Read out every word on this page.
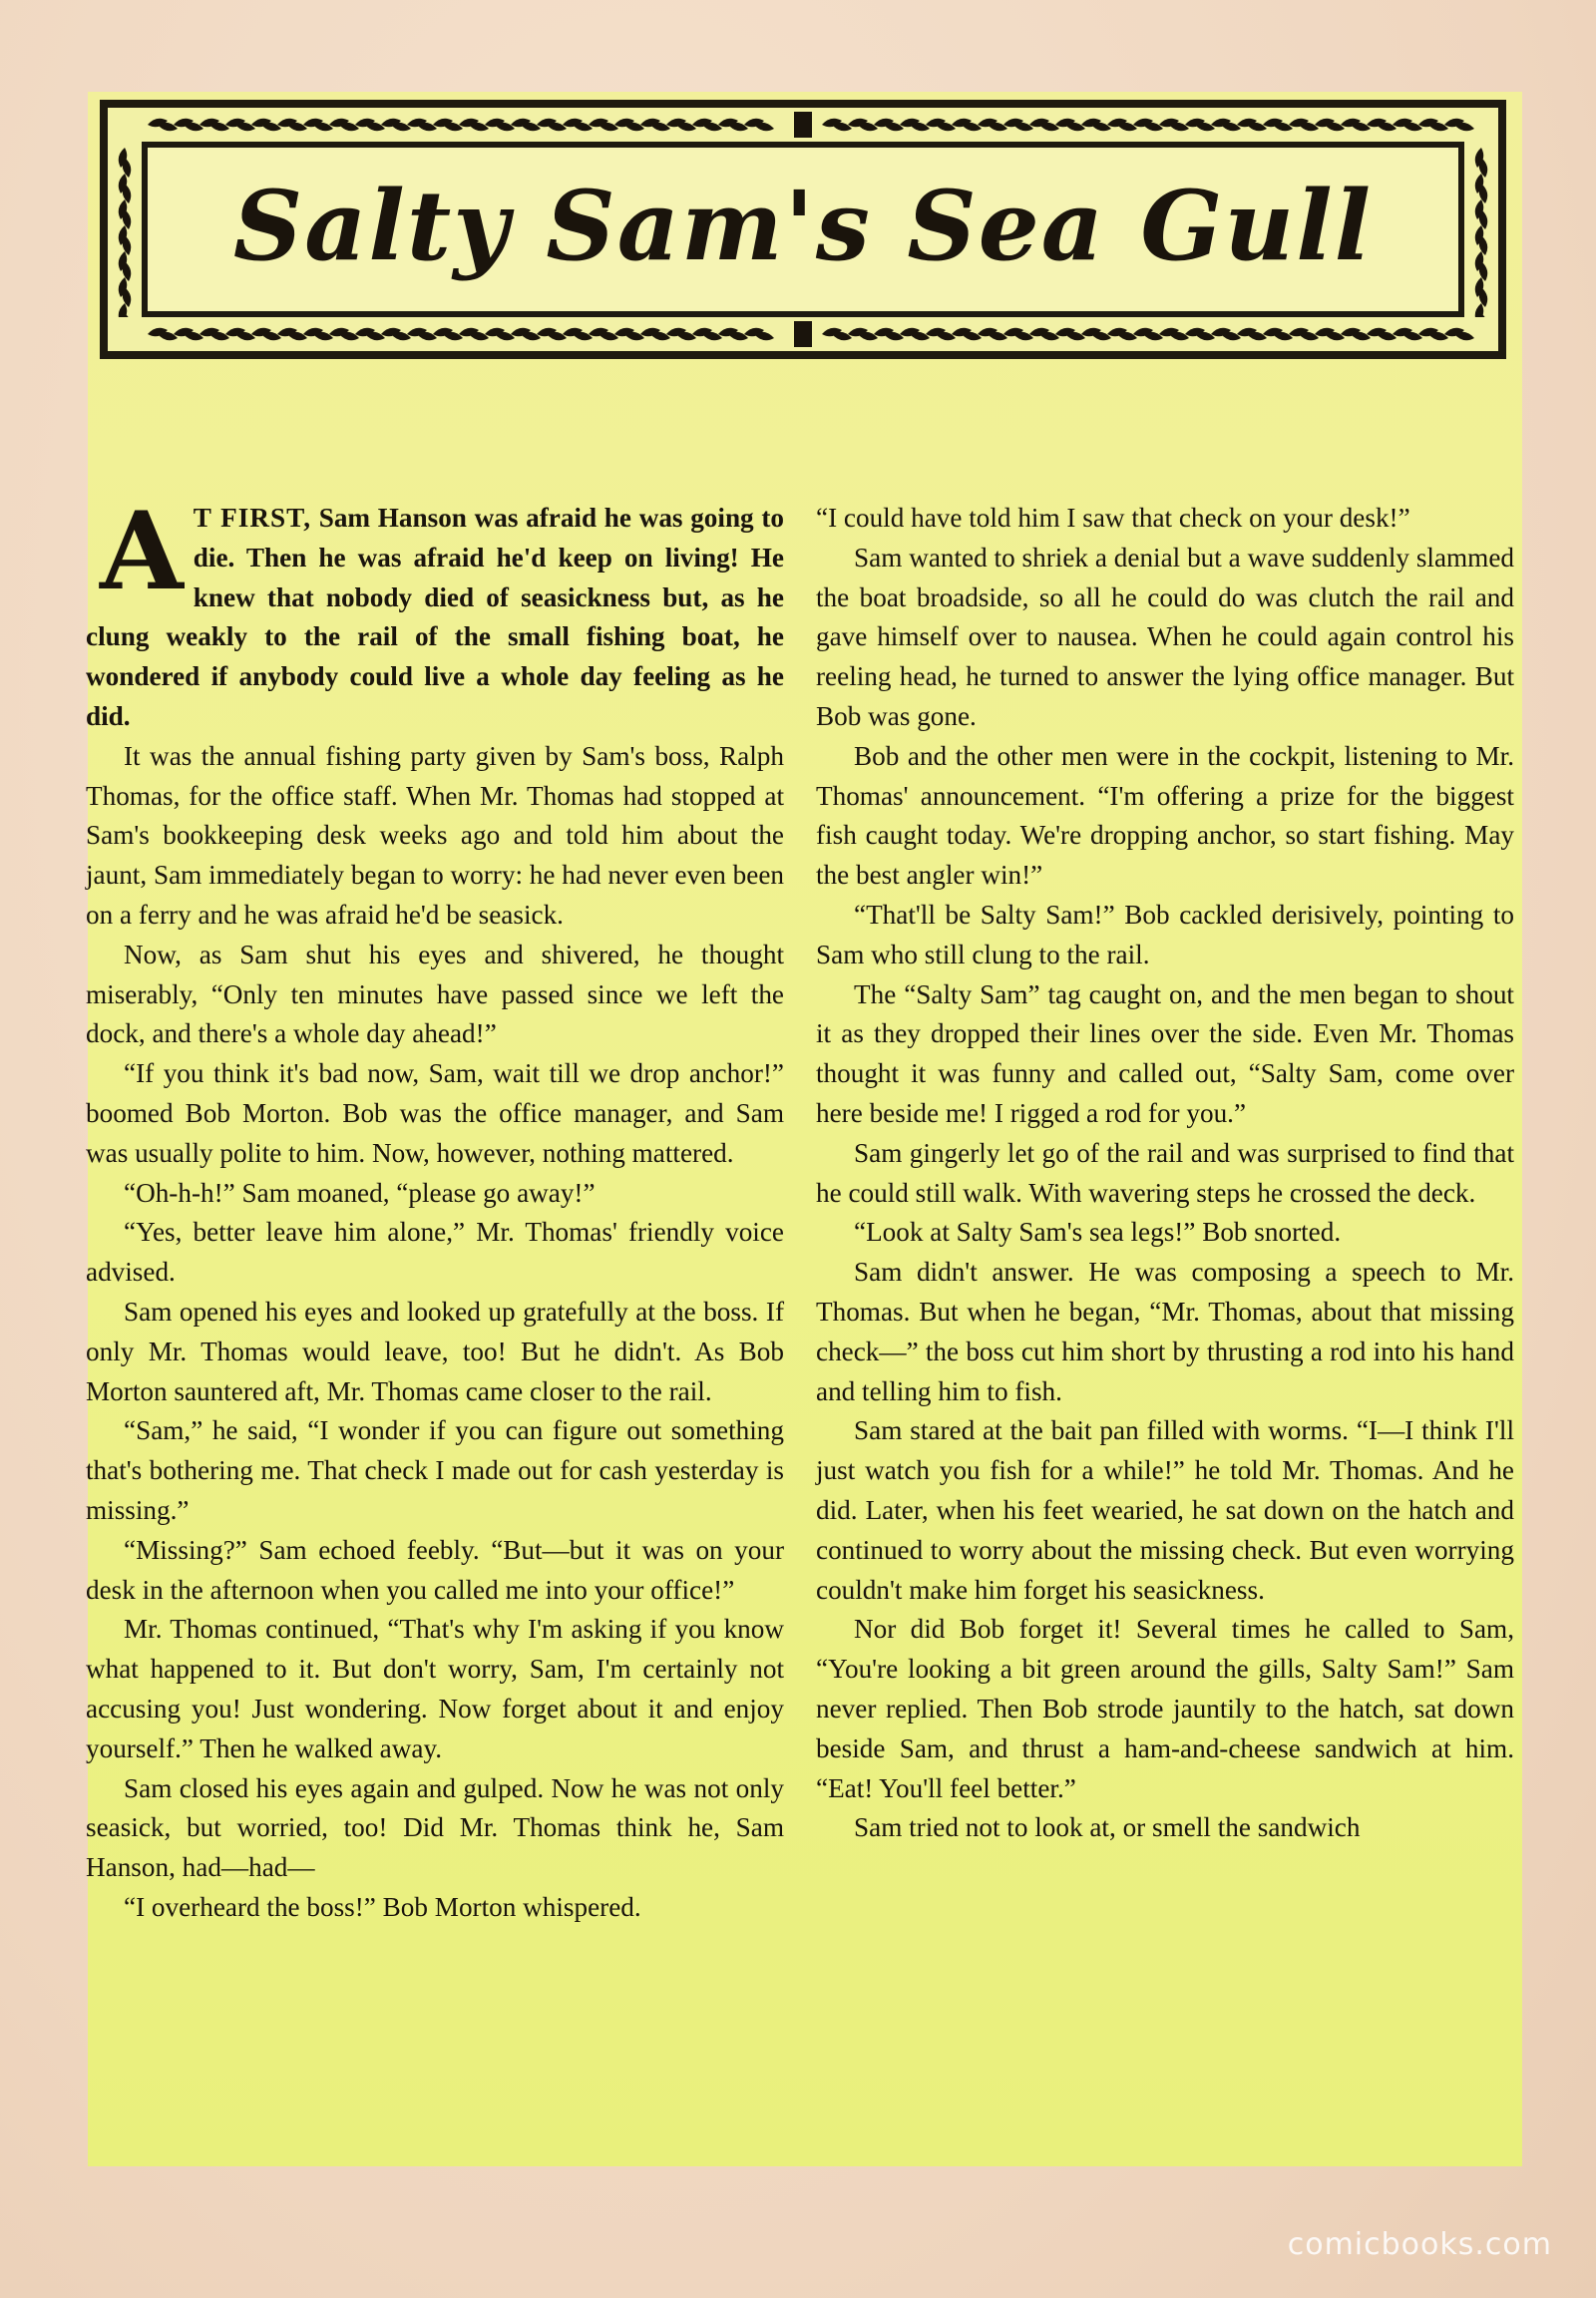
Salty Sam's Sea Gull

A T FIRST, Sam Hanson was afraid he was going to die. Then he was afraid he'd keep on living! He knew that nobody died of seasickness but, as he clung weakly to the rail of the small fishing boat, he wondered if anybody could live a whole day feeling as he did.

It was the annual fishing party given by Sam's boss, Ralph Thomas, for the office staff. When Mr. Thomas had stopped at Sam's bookkeeping desk weeks ago and told him about the jaunt, Sam immediately began to worry: he had never even been on a ferry and he was afraid he'd be seasick.

Now, as Sam shut his eyes and shivered, he thought miserably, “Only ten minutes have passed since we left the dock, and there's a whole day ahead!”

“If you think it's bad now, Sam, wait till we drop anchor!” boomed Bob Morton. Bob was the office manager, and Sam was usually polite to him. Now, however, nothing mattered.

“Oh-h-h!” Sam moaned, “please go away!”

“Yes, better leave him alone,” Mr. Thomas' friendly voice advised.

Sam opened his eyes and looked up gratefully at the boss. If only Mr. Thomas would leave, too! But he didn't. As Bob Morton sauntered aft, Mr. Thomas came closer to the rail.

“Sam,” he said, “I wonder if you can figure out something that's bothering me. That check I made out for cash yesterday is missing.”

“Missing?” Sam echoed feebly. “But—but it was on your desk in the afternoon when you called me into your office!”

Mr. Thomas continued, “That's why I'm asking if you know what happened to it. But don't worry, Sam, I'm certainly not accusing you! Just wondering. Now forget about it and enjoy yourself.” Then he walked away.

Sam closed his eyes again and gulped. Now he was not only seasick, but worried, too! Did Mr. Thomas think he, Sam Hanson, had—had—

“I overheard the boss!” Bob Morton whispered.

“I could have told him I saw that check on your desk!”

Sam wanted to shriek a denial but a wave suddenly slammed the boat broadside, so all he could do was clutch the rail and gave himself over to nausea. When he could again control his reeling head, he turned to answer the lying office manager. But Bob was gone.

Bob and the other men were in the cockpit, listening to Mr. Thomas' announcement. “I'm offering a prize for the biggest fish caught today. We're dropping anchor, so start fishing. May the best angler win!”

“That'll be Salty Sam!” Bob cackled derisively, pointing to Sam who still clung to the rail.

The “Salty Sam” tag caught on, and the men began to shout it as they dropped their lines over the side. Even Mr. Thomas thought it was funny and called out, “Salty Sam, come over here beside me! I rigged a rod for you.”

Sam gingerly let go of the rail and was surprised to find that he could still walk. With wavering steps he crossed the deck.

“Look at Salty Sam's sea legs!” Bob snorted.

Sam didn't answer. He was composing a speech to Mr. Thomas. But when he began, “Mr. Thomas, about that missing check—” the boss cut him short by thrusting a rod into his hand and telling him to fish.

Sam stared at the bait pan filled with worms. “I—I think I'll just watch you fish for a while!” he told Mr. Thomas. And he did. Later, when his feet wearied, he sat down on the hatch and continued to worry about the missing check. But even worrying couldn't make him forget his seasickness.

Nor did Bob forget it! Several times he called to Sam, “You're looking a bit green around the gills, Salty Sam!” Sam never replied. Then Bob strode jauntily to the hatch, sat down beside Sam, and thrust a ham-and-cheese sandwich at him. “Eat! You'll feel better.”

Sam tried not to look at, or smell the sandwich

comicbooks.com
